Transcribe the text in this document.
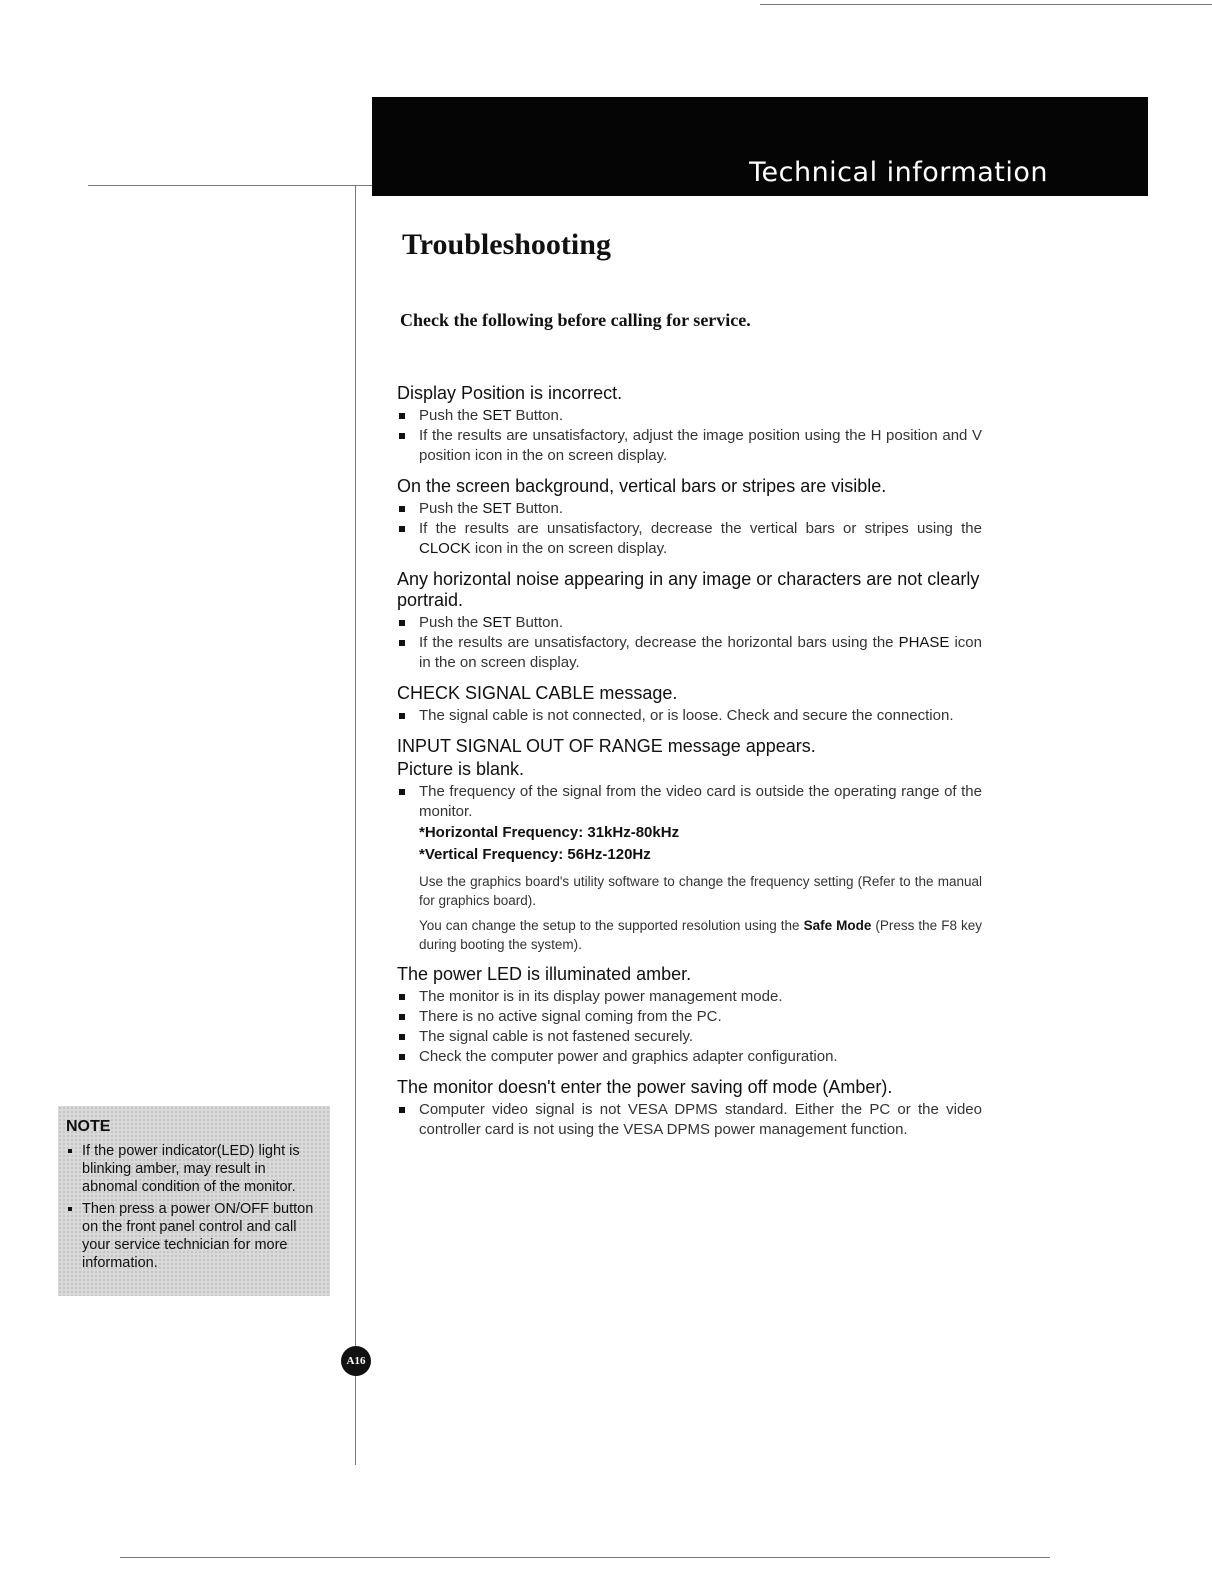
Technical information
Troubleshooting
Check the following before calling for service.
Display Position is incorrect.
Push the SET Button.
If the results are unsatisfactory, adjust the image position using the H position and V position icon in the on screen display.
On the screen background, vertical bars or stripes are visible.
Push the SET Button.
If the results are unsatisfactory, decrease the vertical bars or stripes using the CLOCK icon in the on screen display.
Any horizontal noise appearing in any image or characters are not clearly portraid.
Push the SET Button.
If the results are unsatisfactory, decrease the horizontal bars using the PHASE icon in the on screen display.
CHECK SIGNAL CABLE message.
The signal cable is not connected, or is loose. Check and secure the connection.
INPUT SIGNAL OUT OF RANGE message appears.
Picture is blank.
The frequency of the signal from the video card is outside the operating range of the monitor.
*Horizontal Frequency: 31kHz-80kHz
*Vertical Frequency: 56Hz-120Hz
Use the graphics board's utility software to change the frequency setting (Refer to the manual for graphics board).
You can change the setup to the supported resolution using the Safe Mode (Press the F8 key during booting the system).
The power LED is illuminated amber.
The monitor is in its display power management mode.
There is no active signal coming from the PC.
The signal cable is not fastened securely.
Check the computer power and graphics adapter configuration.
The monitor doesn't enter the power saving off mode (Amber).
Computer video signal is not VESA DPMS standard. Either the PC or the video controller card is not using the VESA DPMS power management function.
NOTE
If the power indicator(LED) light is blinking amber, may result in abnomal condition of the monitor.
Then press a power ON/OFF button on the front panel control and call your service technician for more information.
A16
